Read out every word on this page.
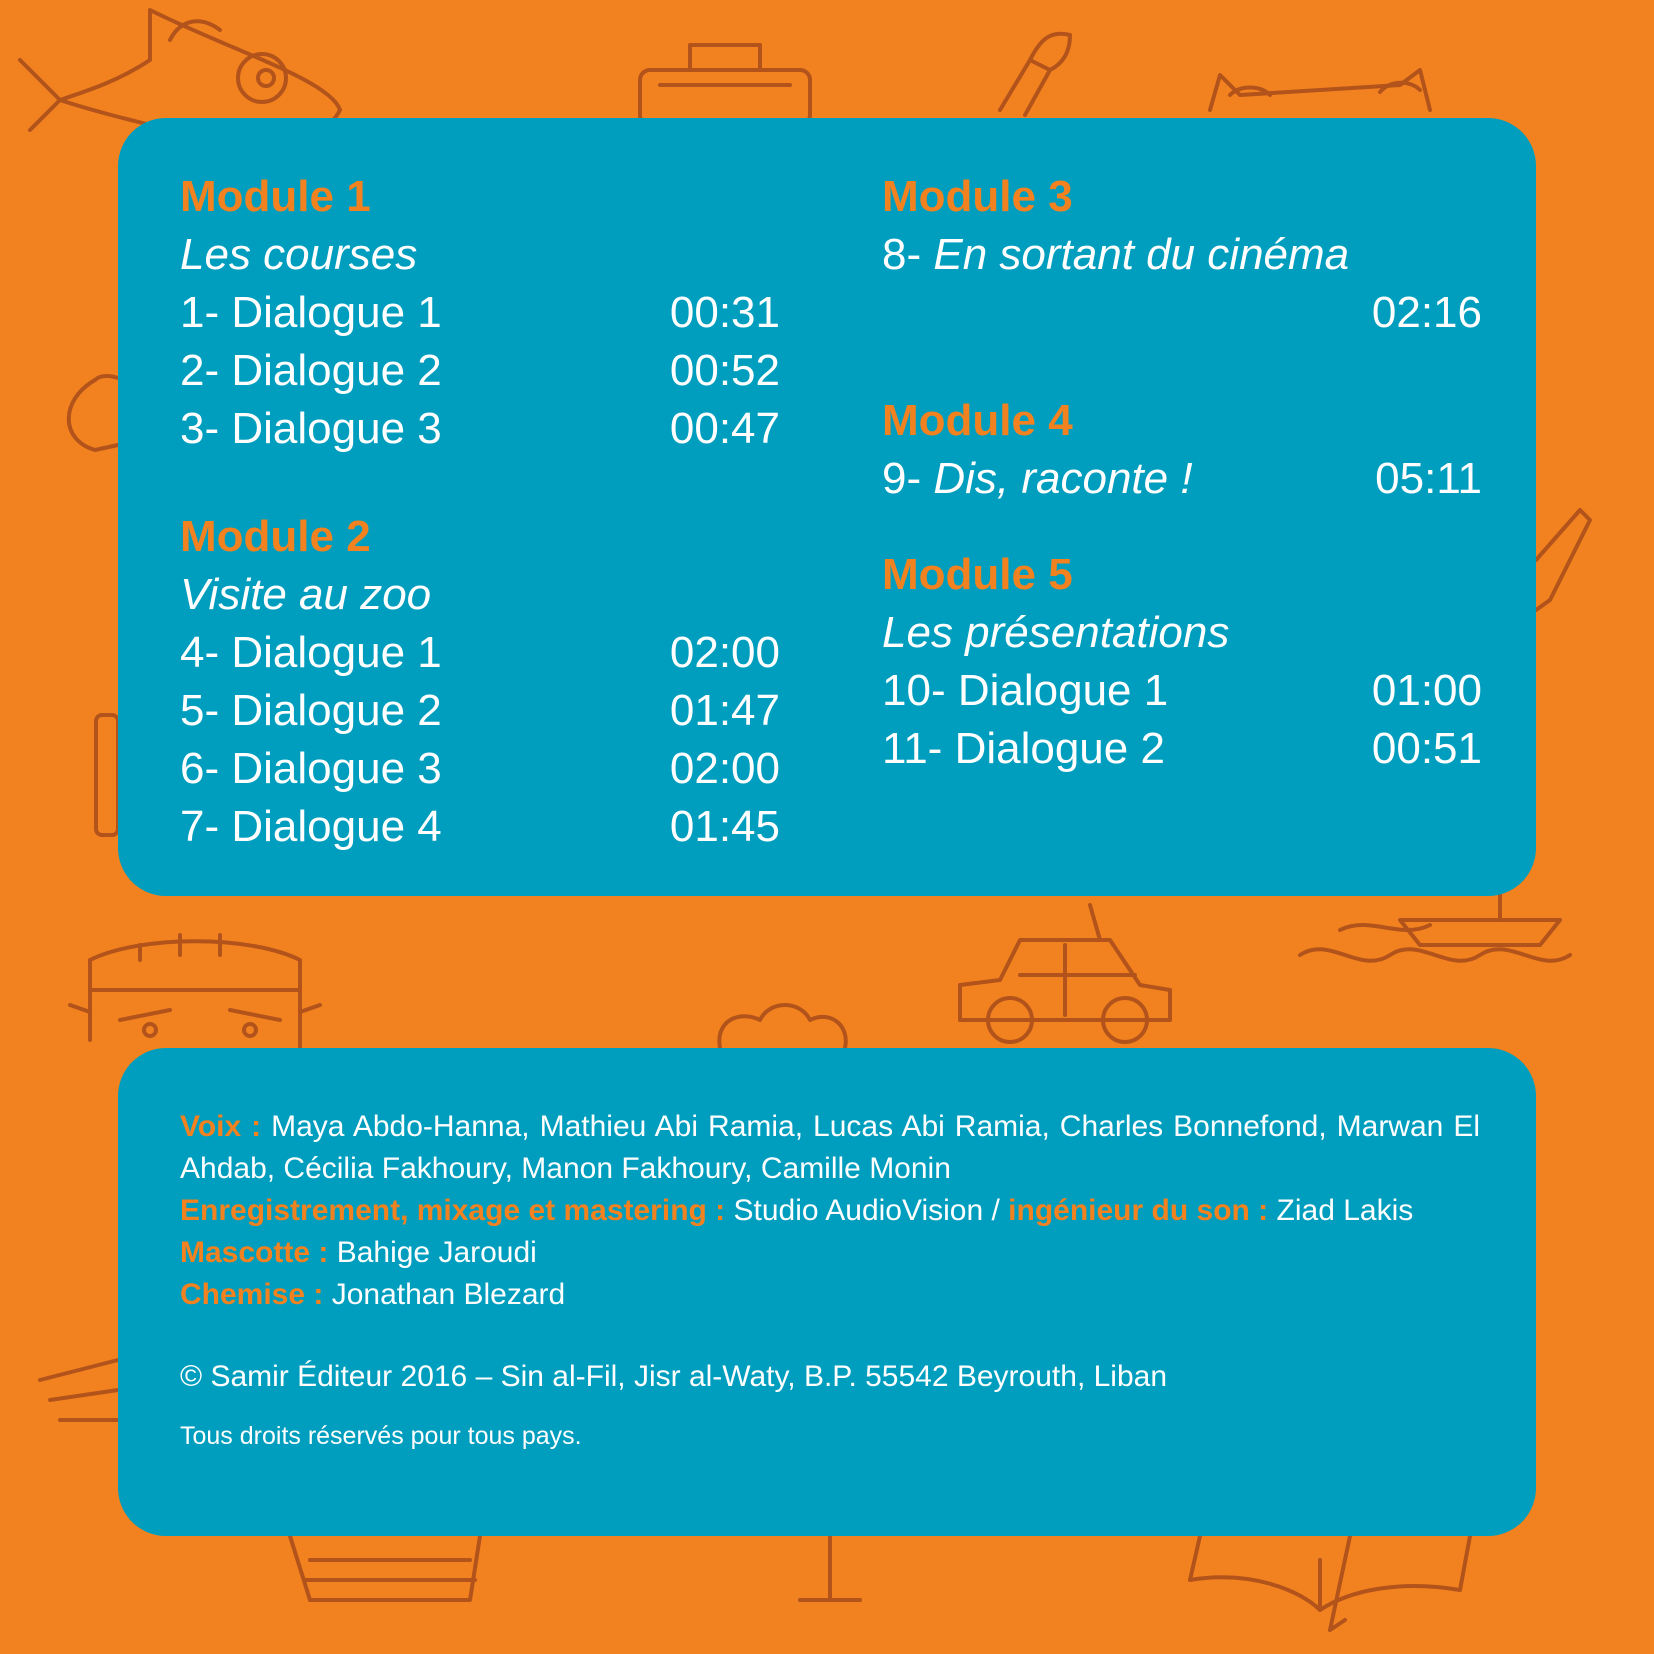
Module 1
Les courses
1- Dialogue 1	00:31
2- Dialogue 2	00:52
3- Dialogue 3	00:47
Module 2
Visite au zoo
4- Dialogue 1	02:00
5- Dialogue 2	01:47
6- Dialogue 3	02:00
7- Dialogue 4	01:45
Module 3
8- En sortant du cinéma
02:16
Module 4
9- Dis, raconte !	05:11
Module 5
Les présentations
10- Dialogue 1	01:00
11- Dialogue 2	00:51
Voix : Maya Abdo-Hanna, Mathieu Abi Ramia, Lucas Abi Ramia, Charles Bonnefond, Marwan El Ahdab, Cécilia Fakhoury, Manon Fakhoury, Camille Monin
Enregistrement, mixage et mastering : Studio AudioVision / ingénieur du son : Ziad Lakis
Mascotte : Bahige Jaroudi
Chemise : Jonathan Blezard
© Samir Éditeur 2016 – Sin al-Fil, Jisr al-Waty, B.P. 55542 Beyrouth, Liban
Tous droits réservés pour tous pays.
